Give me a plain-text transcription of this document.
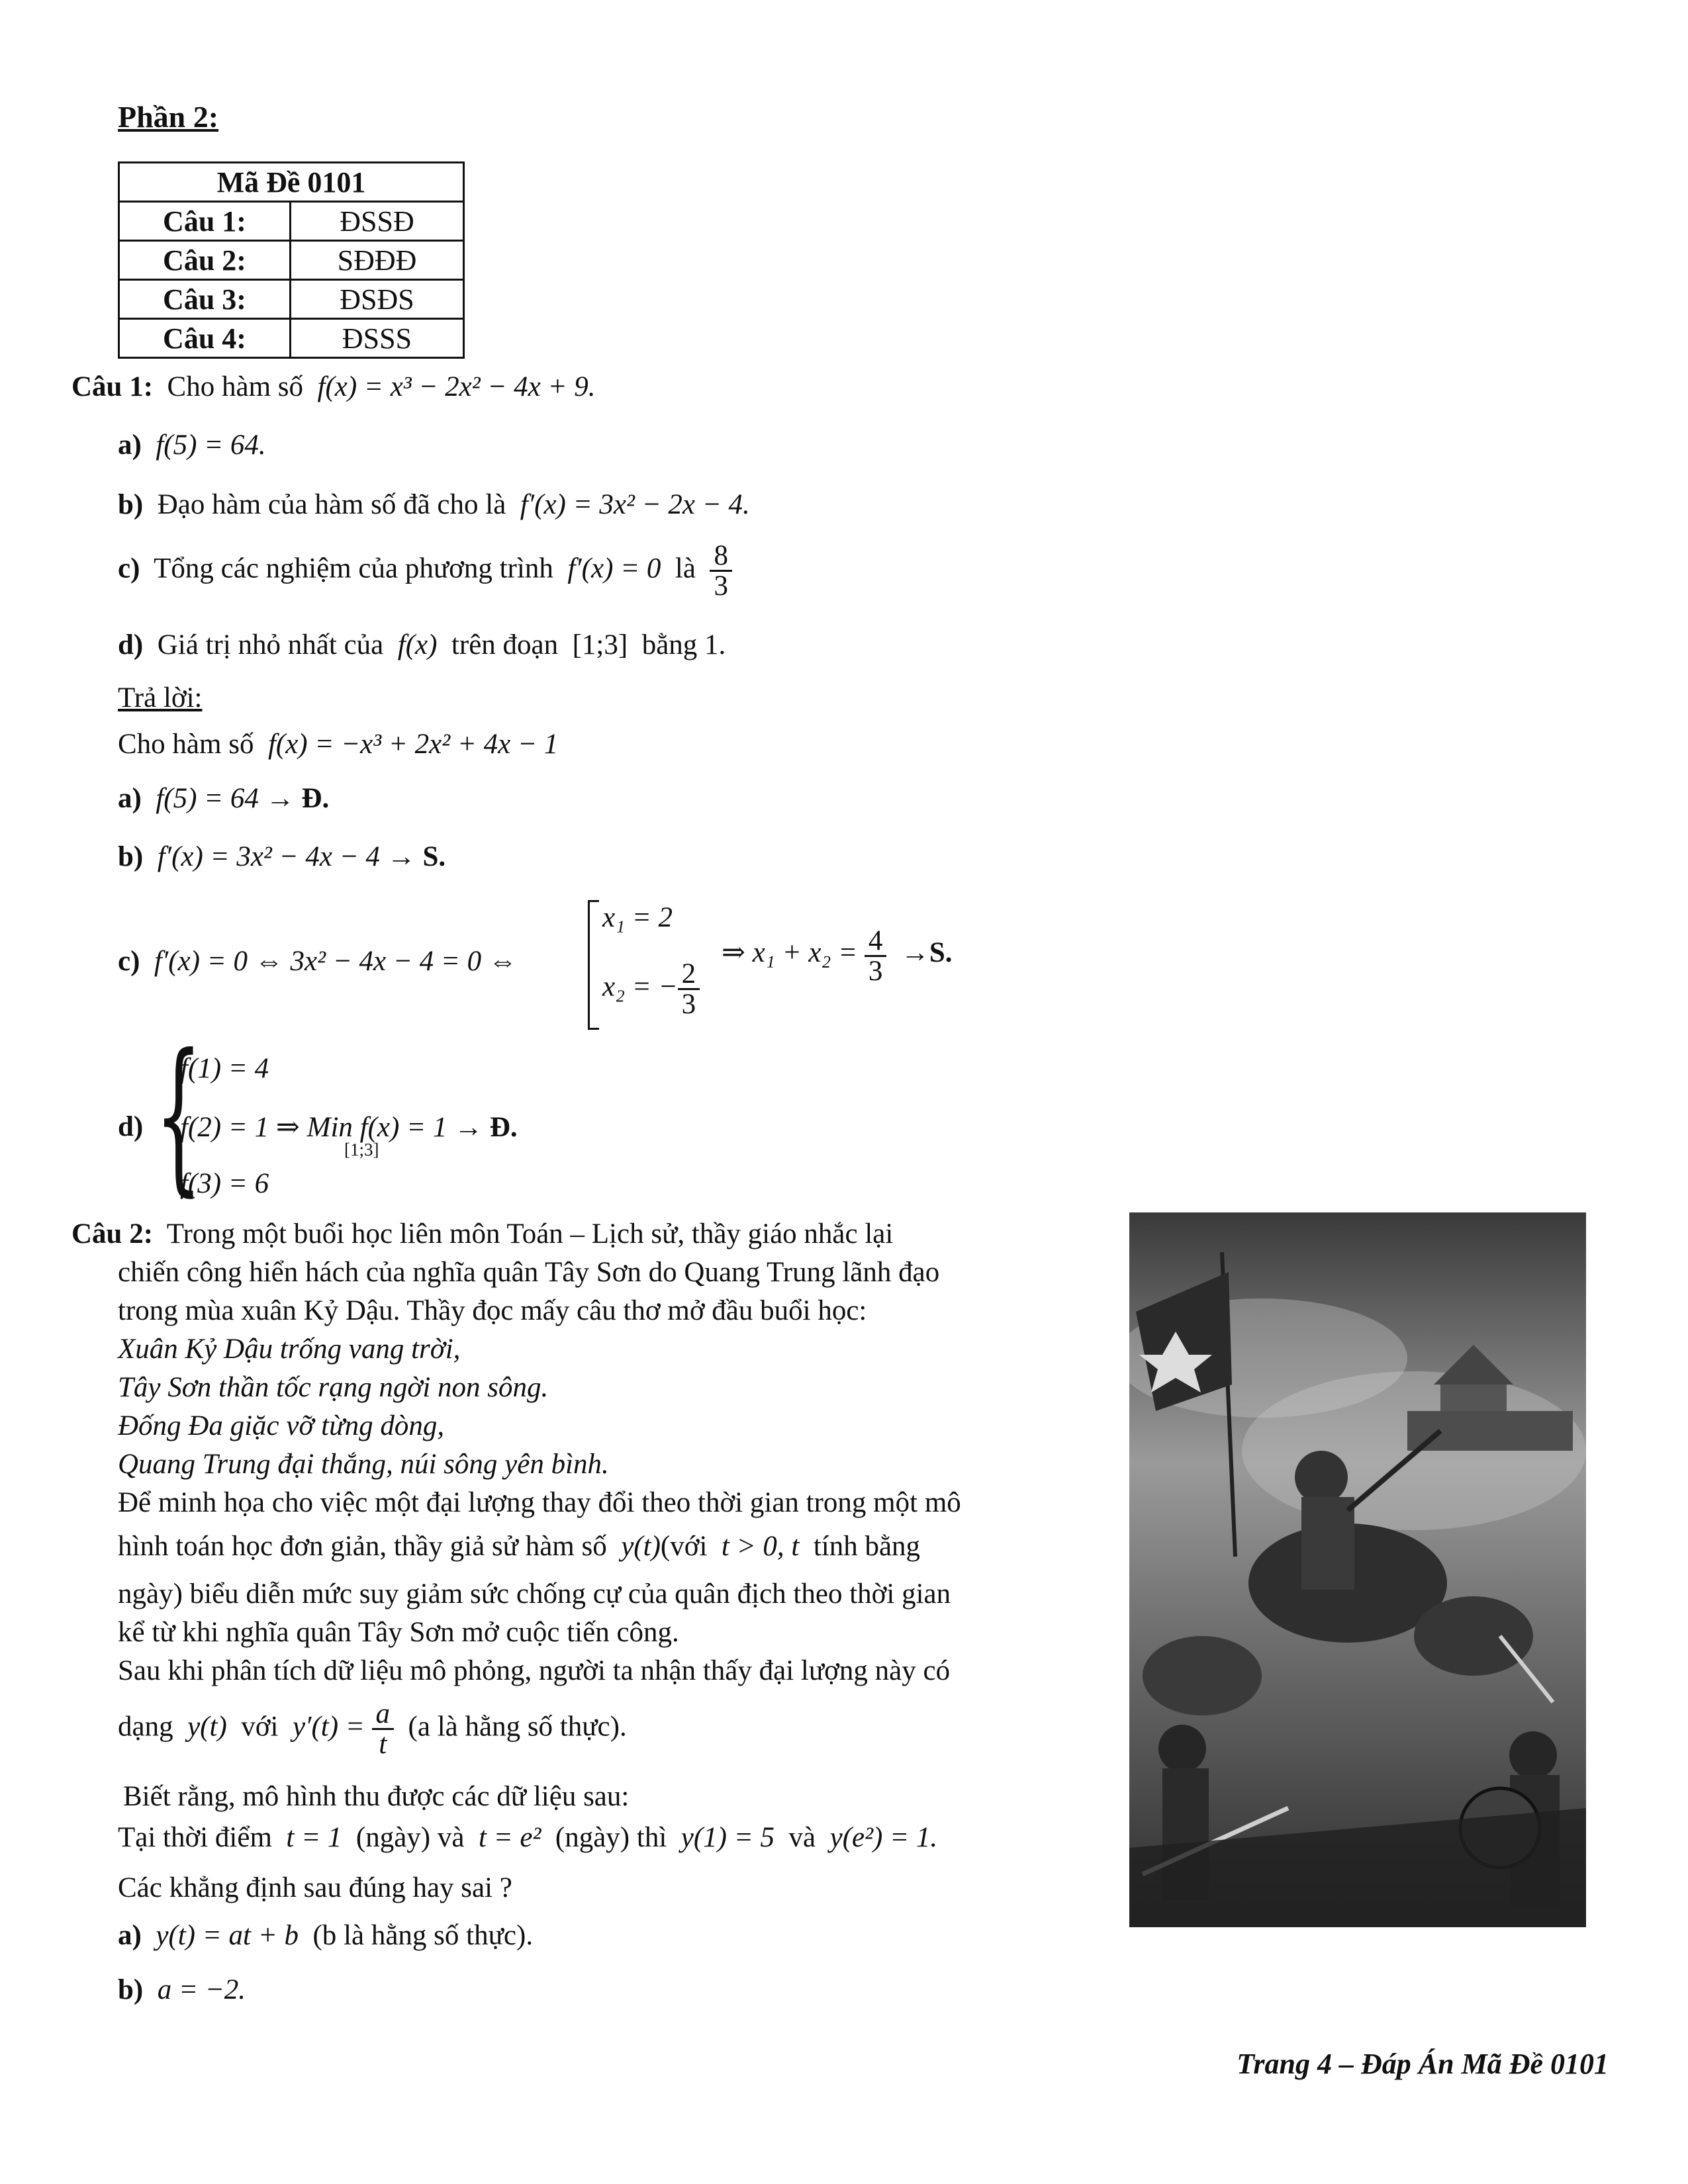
Phần 2:
Mã Đề 0101	
Câu 1:	ĐSSĐ
Câu 2:	SĐĐĐ
Câu 3:	ĐSĐS
Câu 4:	ĐSSS
Câu 1: Cho hàm số f(x) = x³ − 2x² − 4x + 9.
a) f(5) = 64.
b) Đạo hàm của hàm số đã cho là f′(x) = 3x² − 2x − 4.
c) Tổng các nghiệm của phương trình f′(x) = 0 là $\frac{8}{3}$
d) Giá trị nhỏ nhất của f(x) trên đoạn [1;3] bằng 1.
Trả lời:
Cho hàm số f(x) = −x³ + 2x² + 4x − 1
a) f(5) = 64 → Đ.
b) f′(x) = 3x² − 4x − 4 → S.
c) f′(x) = 0 ⇔ 3x² − 4x − 4 = 0 ⇔
x₁ = 2
x₂ = − $\frac{2}{3}$
⇒ $x_1 + x_2 = \frac{4}{3} \to S$.
d) {
f(1) = 4
f(2) = 1 ⇒ Min f(x) = 1 → Đ.
[1;3]
f(3) = 6
Câu 2: Trong một buổi học liên môn Toán – Lịch sử, thầy giáo nhắc lại
chiến công hiển hách của nghĩa quân Tây Sơn do Quang Trung lãnh đạo
trong mùa xuân Kỷ Dậu. Thầy đọc mấy câu thơ mở đầu buổi học:
Xuân Kỷ Dậu trống vang trời,
Tây Sơn thần tốc rạng ngời non sông.
Đống Đa giặc vỡ từng dòng,
Quang Trung đại thắng, núi sông yên bình.
Để minh họa cho việc một đại lượng thay đổi theo thời gian trong một mô
hình toán học đơn giản, thầy giả sử hàm số y(t)(với t > 0, t tính bằng
ngày) biểu diễn mức suy giảm sức chống cự của quân địch theo thời gian
kể từ khi nghĩa quân Tây Sơn mở cuộc tiến công.
Sau khi phân tích dữ liệu mô phỏng, người ta nhận thấy đại lượng này có
dạng y(t) với $y'(t) = \frac{a}{t} (a$ là hằng số thực).
Biết rằng, mô hình thu được các dữ liệu sau:
Tại thời điểm t = 1 (ngày) và t = e² (ngày) thì y(1) = 5 và y(e²) = 1.
Các khẳng định sau đúng hay sai ?
a) y(t) = at + b (b là hằng số thực).
b) a = −2.
Trang 4 – Đáp Án Mã Đề 0101
